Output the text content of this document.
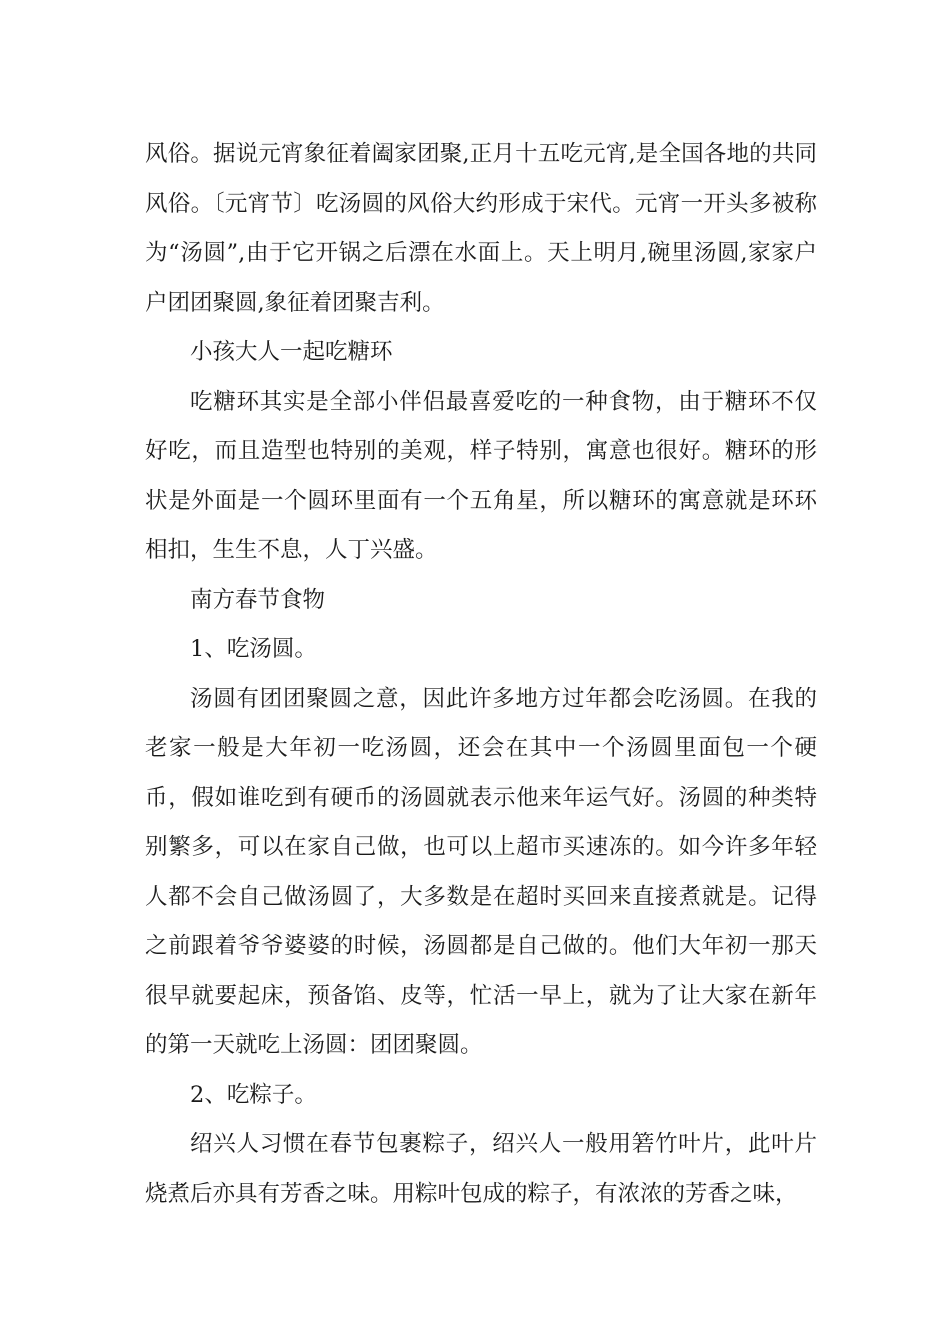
风俗。据说元宵象征着阖家团聚,正月十五吃元宵,是全国各地的共同风俗。〔元宵节〕吃汤圆的风俗大约形成于宋代。元宵一开头多被称为“汤圆”,由于它开锅之后漂在水面上。天上明月,碗里汤圆,家家户户团团聚圆,象征着团聚吉利。

小孩大人一起吃糖环

吃糖环其实是全部小伴侣最喜爱吃的一种食物，由于糖环不仅好吃，而且造型也特别的美观，样子特别，寓意也很好。糖环的形状是外面是一个圆环里面有一个五角星，所以糖环的寓意就是环环相扣，生生不息，人丁兴盛。

南方春节食物

1、吃汤圆。

汤圆有团团聚圆之意，因此许多地方过年都会吃汤圆。在我的老家一般是大年初一吃汤圆，还会在其中一个汤圆里面包一个硬币，假如谁吃到有硬币的汤圆就表示他来年运气好。汤圆的种类特别繁多，可以在家自己做，也可以上超市买速冻的。如今许多年轻人都不会自己做汤圆了，大多数是在超时买回来直接煮就是。记得之前跟着爷爷婆婆的时候，汤圆都是自己做的。他们大年初一那天很早就要起床，预备馅、皮等，忙活一早上，就为了让大家在新年的第一天就吃上汤圆：团团聚圆。

2、吃粽子。

绍兴人习惯在春节包裹粽子，绍兴人一般用箬竹叶片，此叶片烧煮后亦具有芳香之味。用粽叶包成的粽子，有浓浓的芳香之味，
